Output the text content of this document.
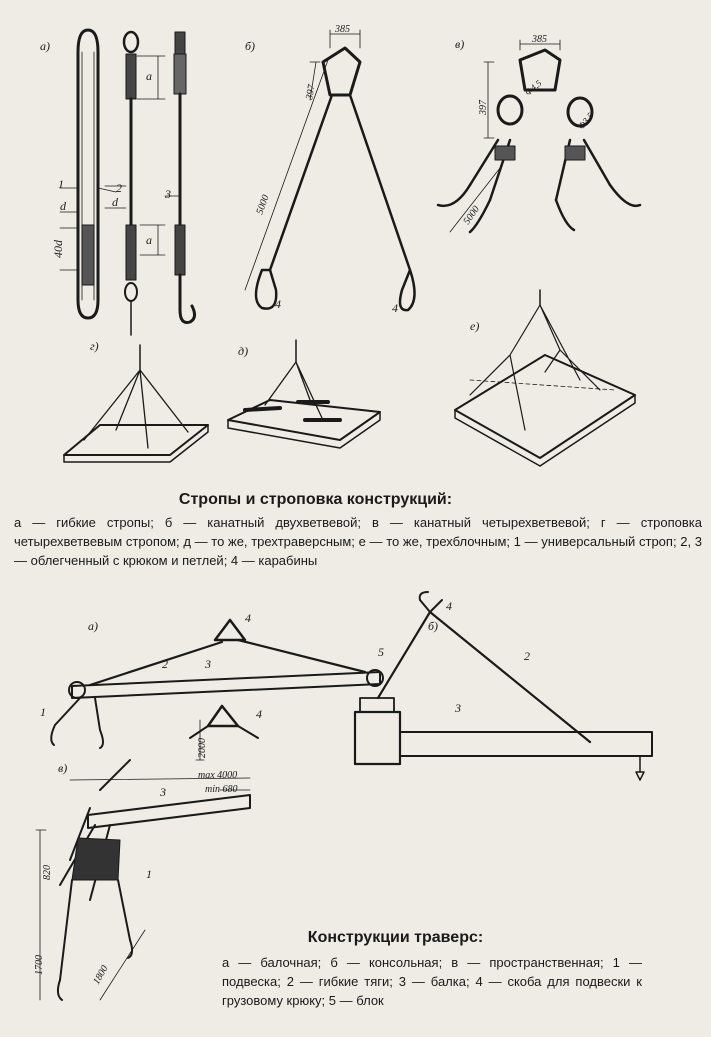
а)	б)	в)
г)	д)
е)
1	2	3
4	4
а
d	d
40d	а
385
397
5000
385
397
5000
Ф4,5
Ф3,5
а)	б)
в)
1
2	3
4
5	2
3
4
1
3
4
max 4000
min 680
2000
820
1700	1800
Стропы и строповка конструкций:
а — гибкие стропы; б — канатный двухветвевой; в — канатный четырехветвевой; г — строповка четырехветвевым стропом; д — то же, трехтраверсным; е — то же, трехблочным; 1 — универсальный строп; 2, 3 — облегченный с крюком и петлей; 4 — карабины
Конструкции траверс:
а — балочная; б — консольная; в — пространственная; 1 — подвеска; 2 — гибкие тяги; 3 — балка; 4 — скоба для подвески к грузовому крюку; 5 — блок
